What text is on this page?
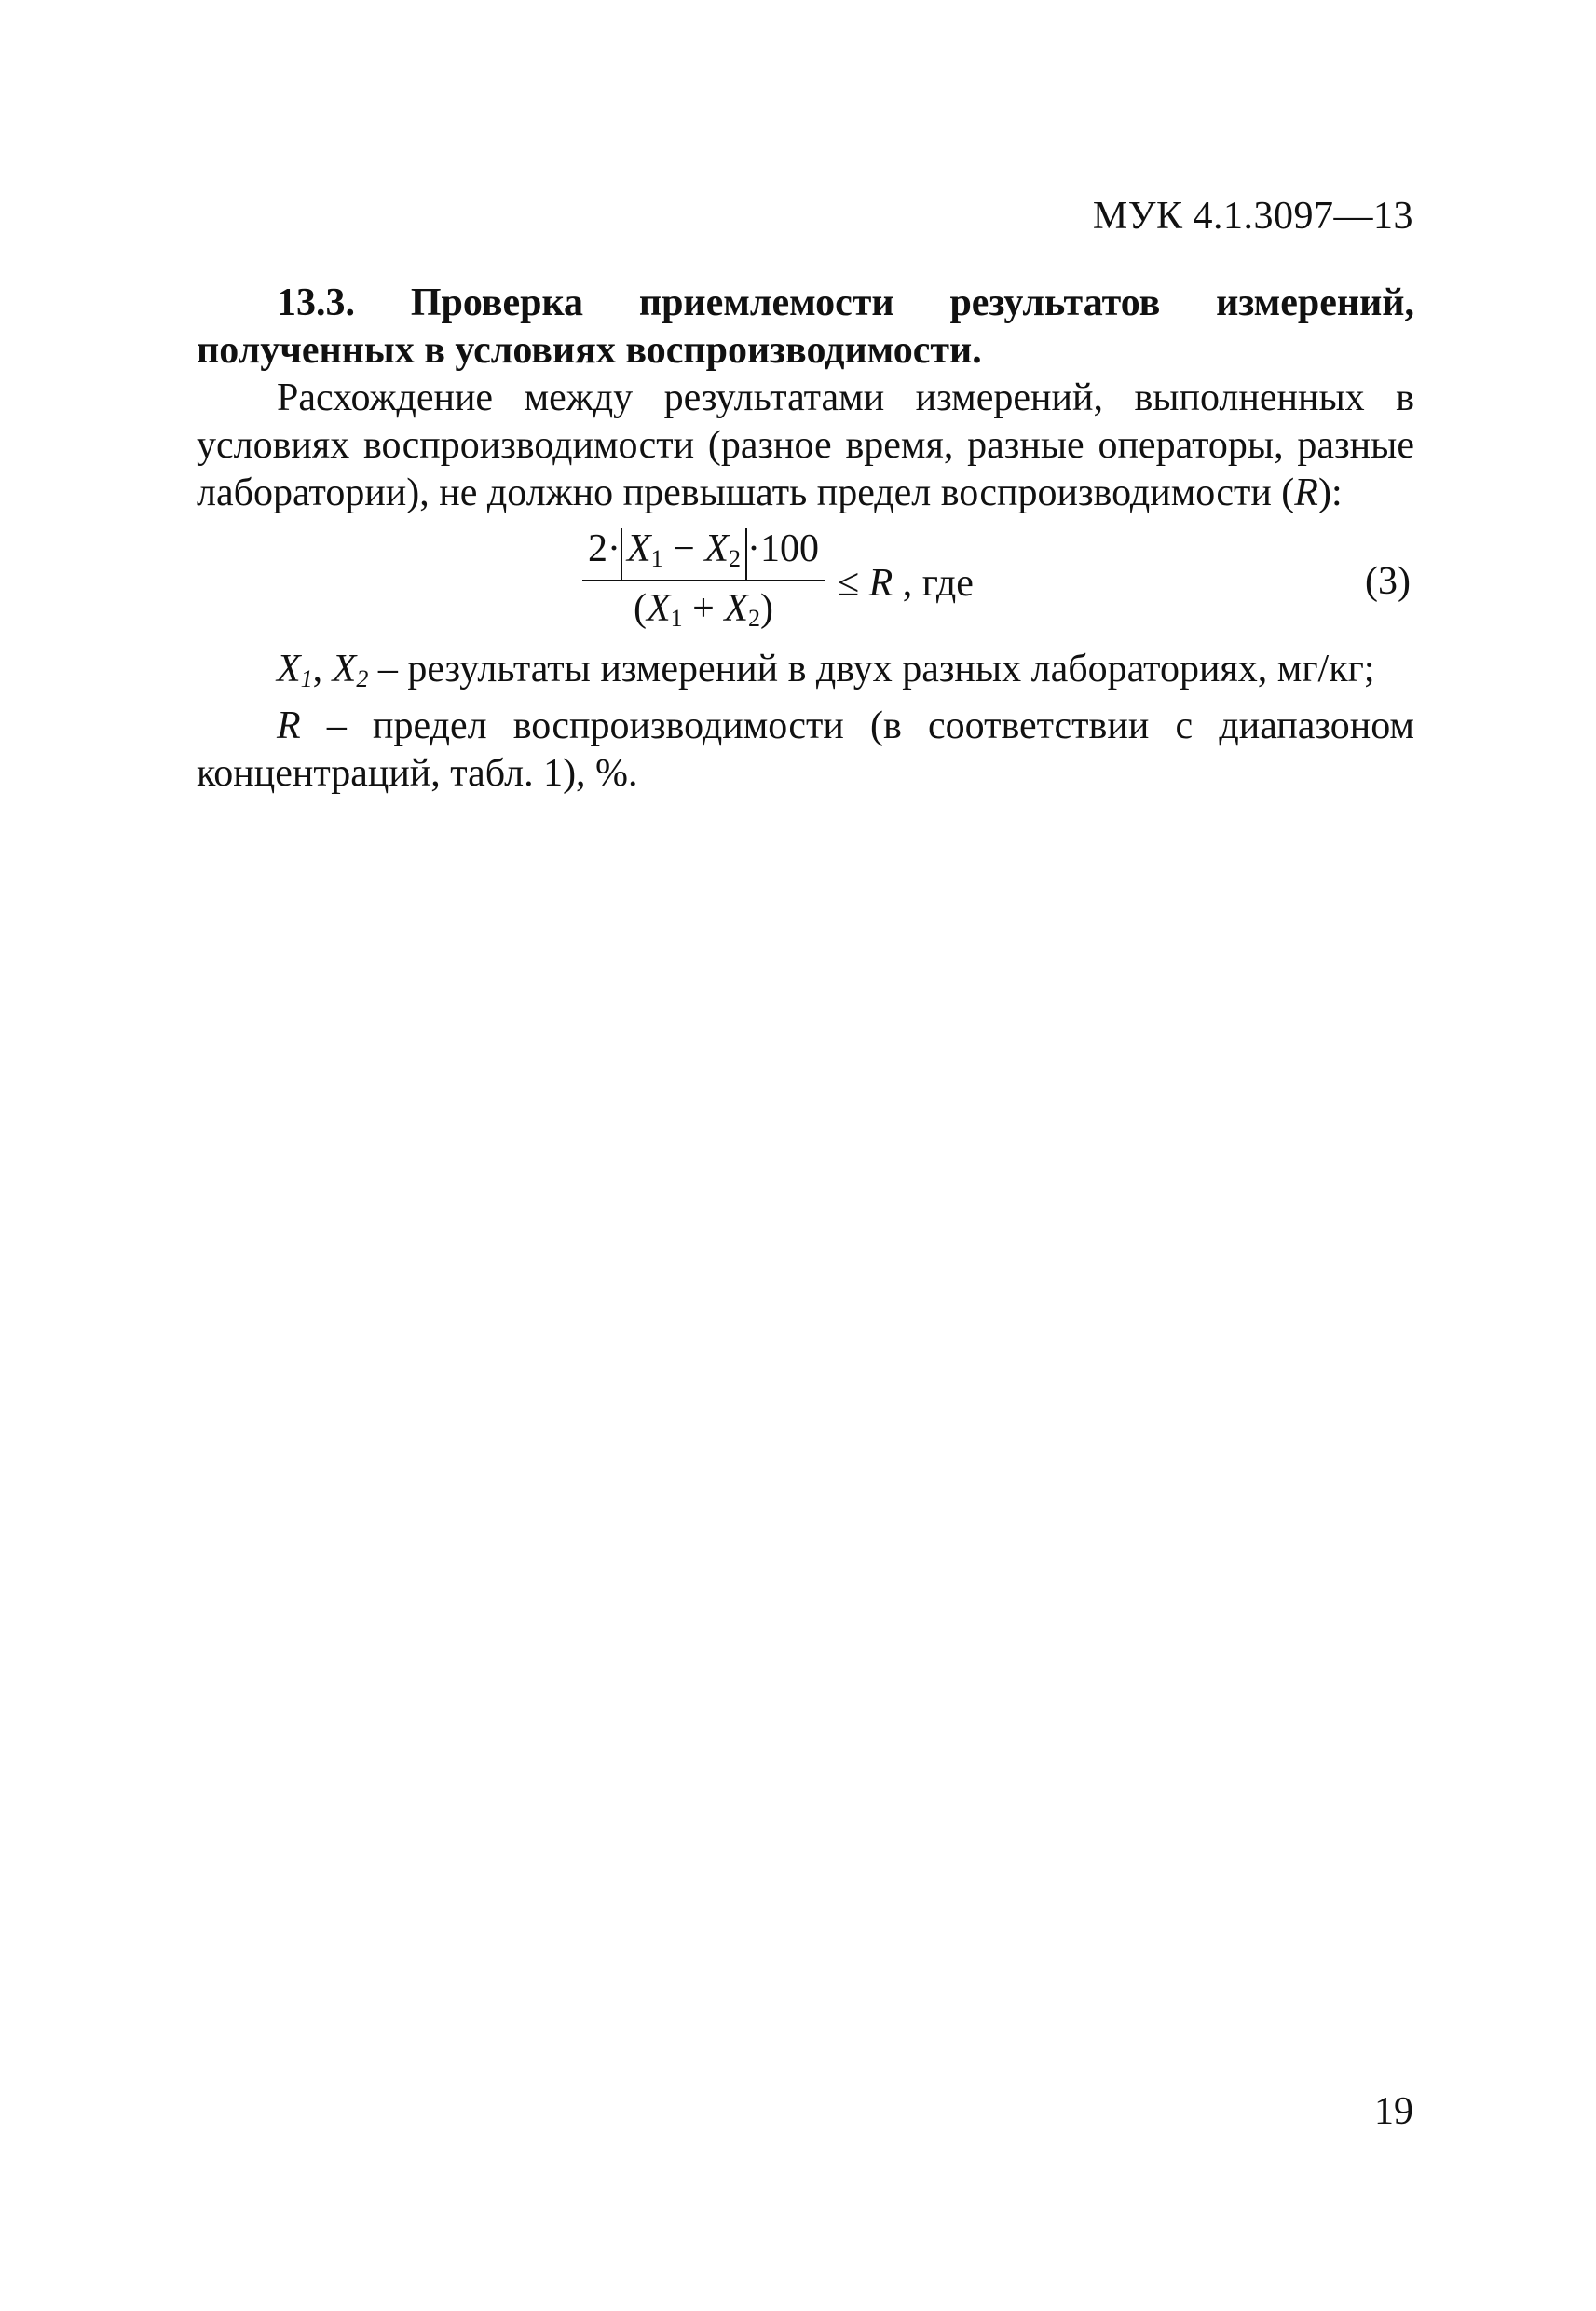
МУК 4.1.3097—13

13.3. Проверка приемлемости результатов измерений, полученных в условиях воспроизводимости.

Расхождение между результатами измерений, выполненных в условиях воспроизводимости (разное время, разные операторы, разные лаборатории), не должно превышать предел воспроизводимости (R):

$\frac{2\cdot X_1 - X_2 \cdot 100}{(X_1 + X_2)} \le R$ , где	(3)

$X_1$, $X_2$ – результаты измерений в двух разных лабораториях, мг/кг;

R – предел воспроизводимости (в соответствии с диапазоном концентраций, табл. 1), %.

19
